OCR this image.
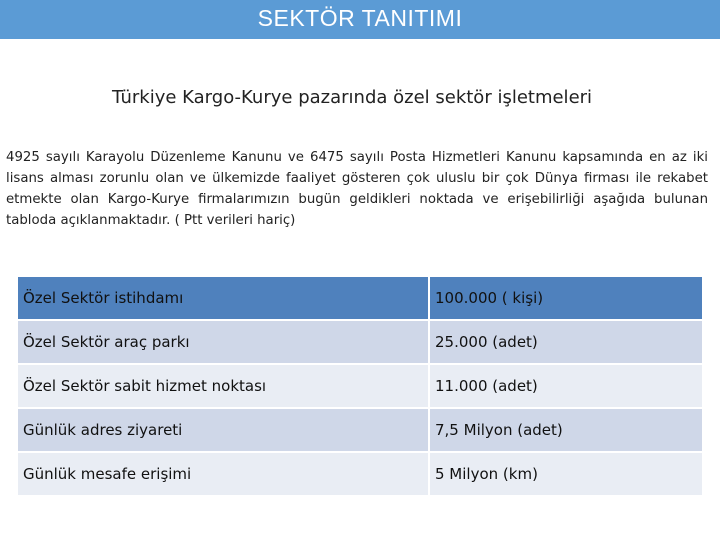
SEKTÖR TANITIMI
Türkiye Kargo-Kurye pazarında özel sektör işletmeleri
4925 sayılı Karayolu Düzenleme Kanunu ve 6475 sayılı Posta Hizmetleri Kanunu kapsamında en az iki lisans alması zorunlu olan ve ülkemizde faaliyet gösteren çok uluslu bir çok Dünya firması ile rekabet etmekte olan Kargo-Kurye firmalarımızın bugün geldikleri noktada ve erişebilirliği aşağıda bulunan tabloda açıklanmaktadır. ( Ptt verileri hariç)
Özel Sektör istihdamı	100.000 ( kişi)
Özel Sektör araç parkı	25.000 (adet)
Özel Sektör sabit hizmet noktası	11.000 (adet)
Günlük adres ziyareti	7,5 Milyon (adet)
Günlük mesafe erişimi	5 Milyon (km)
